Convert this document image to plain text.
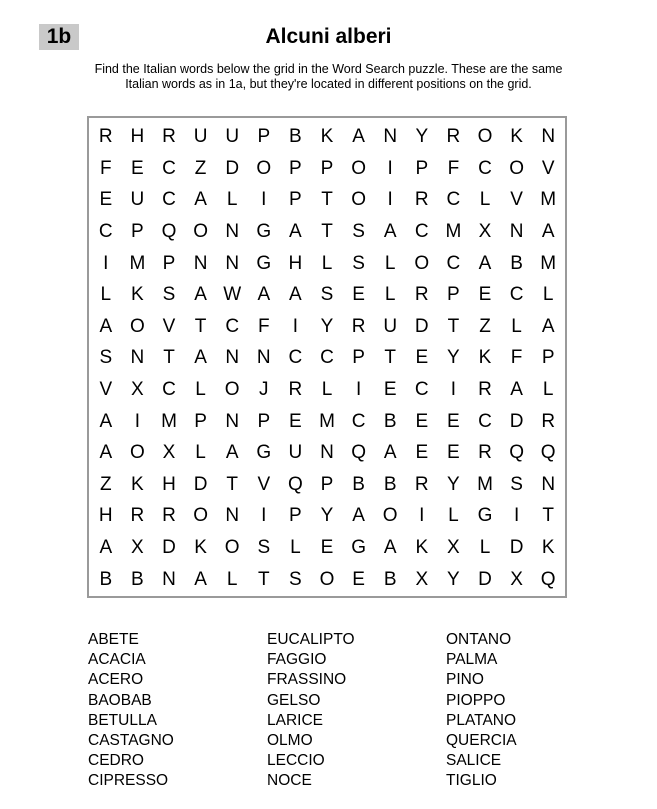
1b	Alcuni alberi
Find the Italian words below the grid in the Word Search puzzle. These are the same
Italian words as in 1a, but they're located in different positions on the grid.
R H R U U P B K A N Y R O K N
F	E C Z D O P P O	I	P	F C O V
E U C A	L	I	P	T O	I	R C	L	V M
C P Q O N G A	T	S A C M X N A
I	M P N N G H	L	S	L O C A B M
L	K S A W A A S E	L	R P E C	L
A O V	T C F	I	Y R U D T	Z	L	A
S N T	A N N C C P	T	E Y K	F	P
V X C	L O	J	R	L	I	E C	I	R A	L
A	I	M P N P E M C B E E C D R
A O X	L	A G U N Q A E E R Q Q
Z	K H D T	V Q P B B R Y M S N
H R R O N	I	P Y A O	I	L G	I	T
A X D K O S	L	E G A K X	L	D K
B B N A	L	T	S O E B X Y D X Q
ABETE
ACACIA
ACERO
BAOBAB
BETULLA
CASTAGNO
CEDRO
CIPRESSO
EUCALIPTO
FAGGIO
FRASSINO
GELSO
LARICE
OLMO
LECCIO
NOCE
ONTANO
PALMA
PINO
PIOPPO
PLATANO
QUERCIA
SALICE
TIGLIO
